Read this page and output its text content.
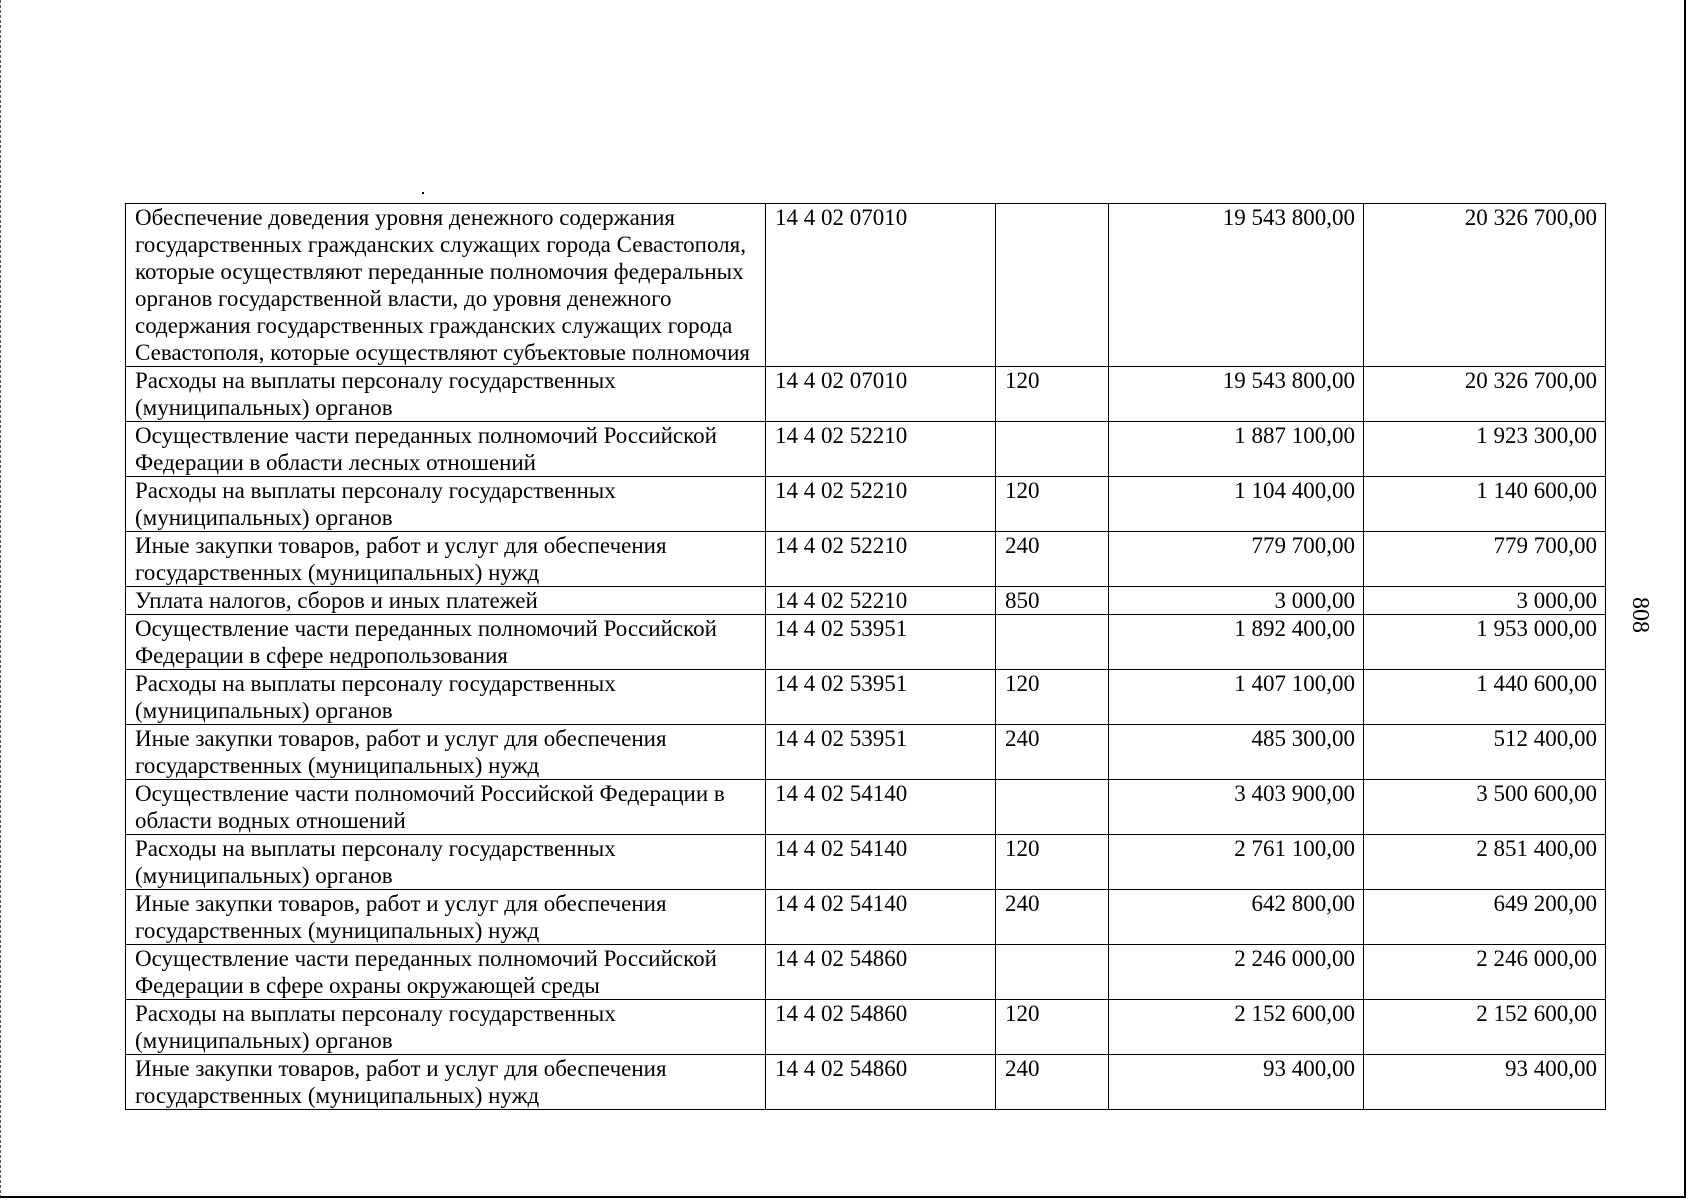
Обеспечение доведения уровня денежного содержания государственных гражданских служащих города Севастополя, которые осуществляют переданные полномочия федеральных органов государственной власти, до уровня денежного содержания государственных гражданских служащих города Севастополя, которые осуществляют субъектовые полномочия	14 4 02 07010		19 543 800,00	20 326 700,00
Расходы на выплаты персоналу государственных (муниципальных) органов	14 4 02 07010	120	19 543 800,00	20 326 700,00
Осуществление части переданных полномочий Российской Федерации в области лесных отношений	14 4 02 52210		1 887 100,00	1 923 300,00
Расходы на выплаты персоналу государственных (муниципальных) органов	14 4 02 52210	120	1 104 400,00	1 140 600,00
Иные закупки товаров, работ и услуг для обеспечения государственных (муниципальных) нужд	14 4 02 52210	240	779 700,00	779 700,00
Уплата налогов, сборов и иных платежей	14 4 02 52210	850	3 000,00	3 000,00
Осуществление части переданных полномочий Российской Федерации в сфере недропользования	14 4 02 53951		1 892 400,00	1 953 000,00
Расходы на выплаты персоналу государственных (муниципальных) органов	14 4 02 53951	120	1 407 100,00	1 440 600,00
Иные закупки товаров, работ и услуг для обеспечения государственных (муниципальных) нужд	14 4 02 53951	240	485 300,00	512 400,00
Осуществление части полномочий Российской Федерации в области водных отношений	14 4 02 54140		3 403 900,00	3 500 600,00
Расходы на выплаты персоналу государственных (муниципальных) органов	14 4 02 54140	120	2 761 100,00	2 851 400,00
Иные закупки товаров, работ и услуг для обеспечения государственных (муниципальных) нужд	14 4 02 54140	240	642 800,00	649 200,00
Осуществление части переданных полномочий Российской Федерации в сфере охраны окружающей среды	14 4 02 54860		2 246 000,00	2 246 000,00
Расходы на выплаты персоналу государственных (муниципальных) органов	14 4 02 54860	120	2 152 600,00	2 152 600,00
Иные закупки товаров, работ и услуг для обеспечения государственных (муниципальных) нужд	14 4 02 54860	240	93 400,00	93 400,00
808
